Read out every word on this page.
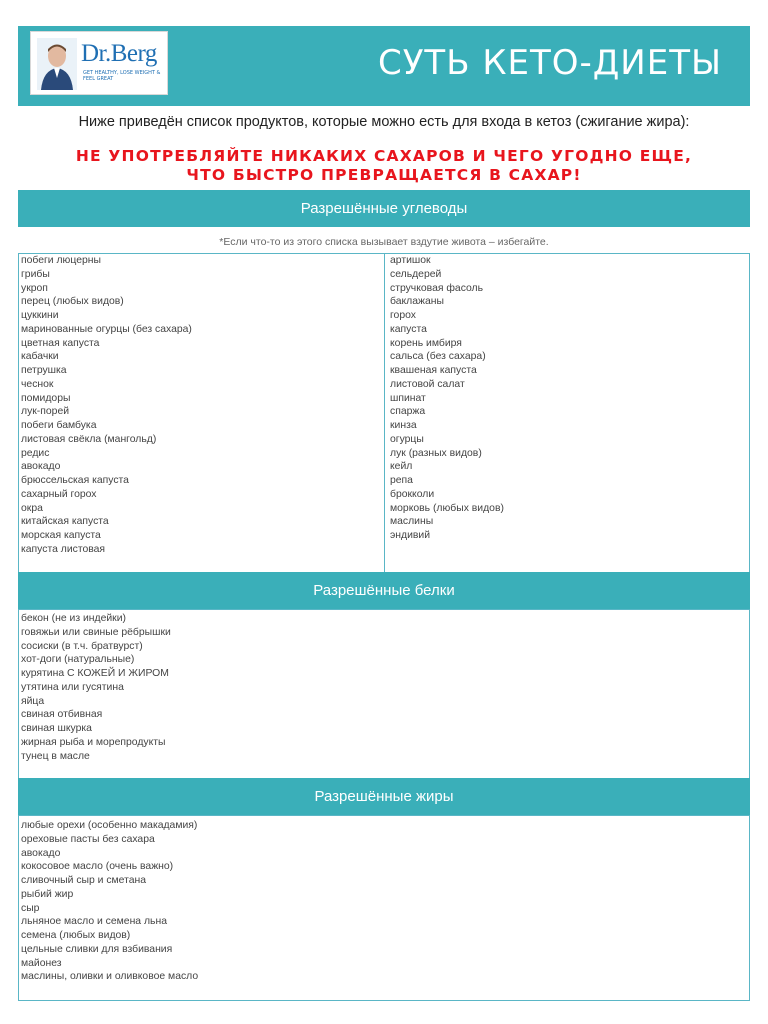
Dr.Berg
GET HEALTHY, LOSE WEIGHT & FEEL GREAT	СУТЬ КЕТО-ДИЕТЫ
Ниже приведён список продуктов, которые можно есть для входа в кетоз (сжигание жира):
НЕ УПОТРЕБЛЯЙТЕ НИКАКИХ САХАРОВ И ЧЕГО УГОДНО ЕЩЕ,
ЧТО БЫСТРО ПРЕВРАЩАЕТСЯ В САХАР!
Разрешённые углеводы
*Если что-то из этого списка вызывает вздутие живота – избегайте.
побеги люцерны
грибы
укроп
перец (любых видов)
цуккини
маринованные огурцы (без сахара)
цветная капуста
кабачки
петрушка
чеснок
помидоры
лук-порей
побеги бамбука
листовая свёкла (мангольд)
редис
авокадо
брюссельская капуста
сахарный горох
окра
китайская капуста
морская капуста
капуста листовая
артишок
сельдерей
стручковая фасоль
баклажаны
горох
капуста
корень имбиря
сальса (без сахара)
квашеная капуста
листовой салат
шпинат
спаржа
кинза
огурцы
лук (разных видов)
кейл
репа
брокколи
морковь (любых видов)
маслины
эндивий
Разрешённые белки
бекон (не из индейки)
говяжьи или свиные рёбрышки
сосиски (в т.ч. братвурст)
хот-доги (натуральные)
курятина С КОЖЕЙ И ЖИРОМ
утятина или гусятина
яйца
свиная отбивная
свиная шкурка
жирная рыба и морепродукты
тунец в масле
Разрешённые жиры
любые орехи (особенно макадамия)
ореховые пасты без сахара
авокадо
кокосовое масло (очень важно)
сливочный сыр и сметана
рыбий жир
сыр
льняное масло и семена льна
семена (любых видов)
цельные сливки для взбивания
майонез
маслины, оливки и оливковое масло
